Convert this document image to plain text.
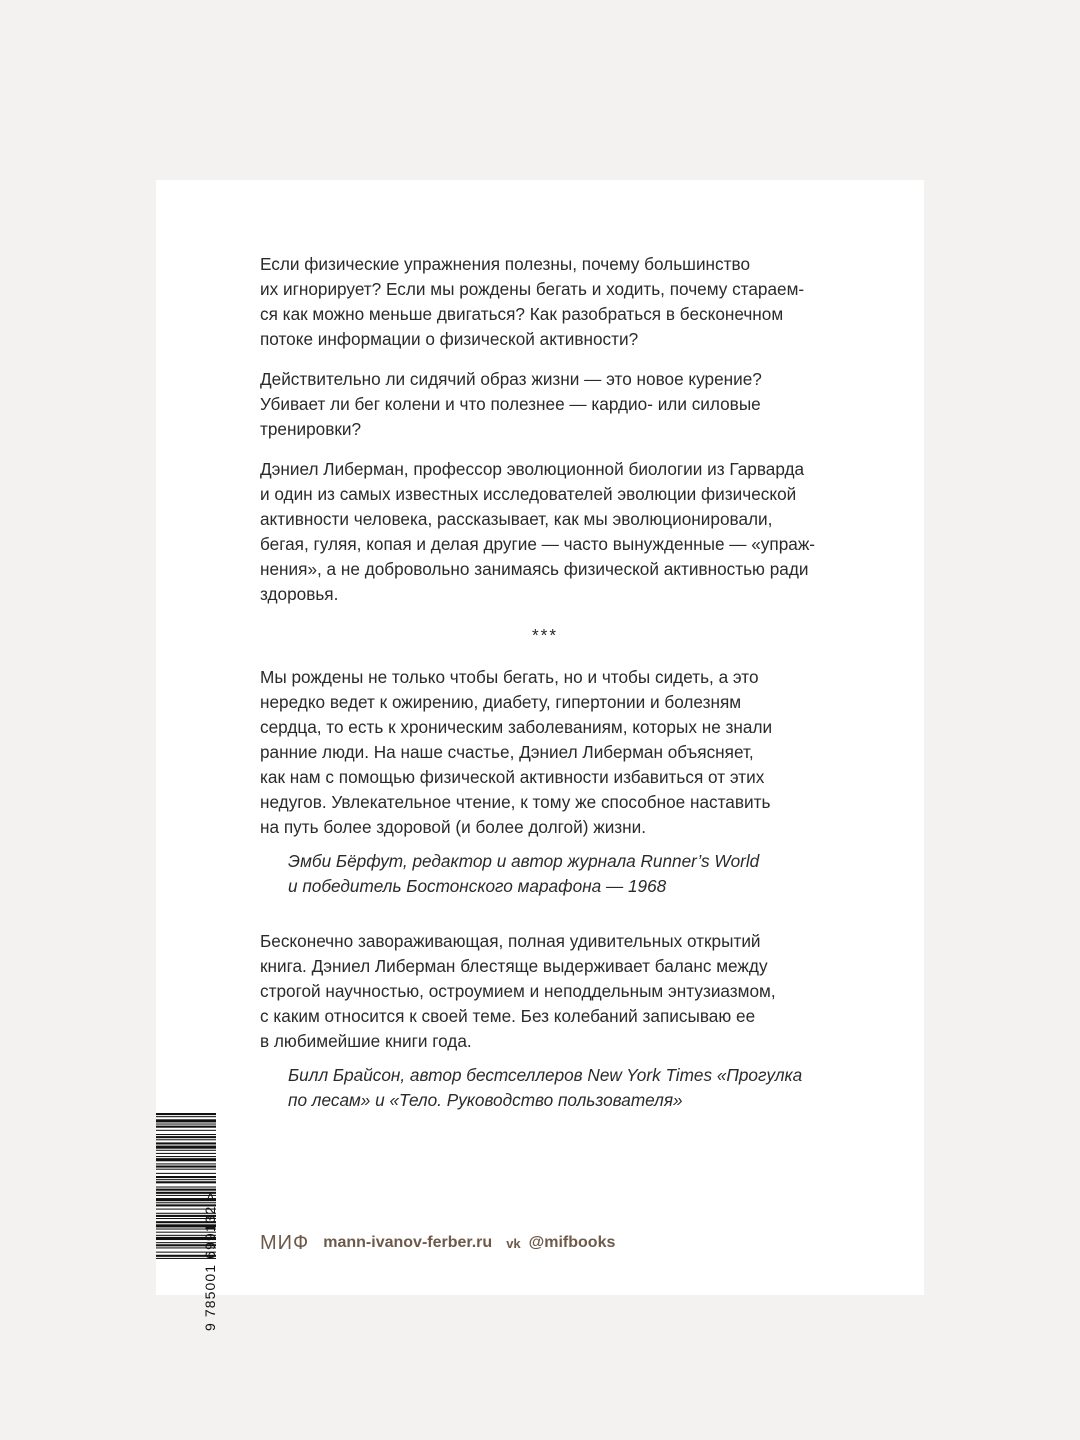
Если физические упражнения полезны, почему большинство
их игнорирует? Если мы рождены бегать и ходить, почему стараем-
ся как можно меньше двигаться? Как разобраться в бесконечном
потоке информации о физической активности?
Действительно ли сидячий образ жизни — это новое курение?
Убивает ли бег колени и что полезнее — кардио- или силовые
тренировки?
Дэниел Либерман, профессор эволюционной биологии из Гарварда
и один из самых известных исследователей эволюции физической
активности человека, рассказывает, как мы эволюционировали,
бегая, гуляя, копая и делая другие — часто вынужденные — «упраж-
нения», а не добровольно занимаясь физической активностью ради
здоровья.
***
Мы рождены не только чтобы бегать, но и чтобы сидеть, а это
нередко ведет к ожирению, диабету, гипертонии и болезням
сердца, то есть к хроническим заболеваниям, которых не знали
ранние люди. На наше счастье, Дэниел Либерман объясняет,
как нам с помощью физической активности избавиться от этих
недугов. Увлекательное чтение, к тому же способное наставить
на путь более здоровой (и более долгой) жизни.
Эмби Бёрфут, редактор и автор журнала Runner’s World
и победитель Бостонского марафона — 1968
Бесконечно завораживающая, полная удивительных открытий
книга. Дэниел Либерман блестяще выдерживает баланс между
строгой научностью, остроумием и неподдельным энтузиазмом,
с каким относится к своей теме. Без колебаний записываю ее
в любимейшие книги года.
Билл Брайсон, автор бестселлеров New York Times «Прогулка
по лесам» и «Тело. Руководство пользователя»
9 785001 699132 > МИФ mann-ivanov-ferber.ru vk @mifbooks
